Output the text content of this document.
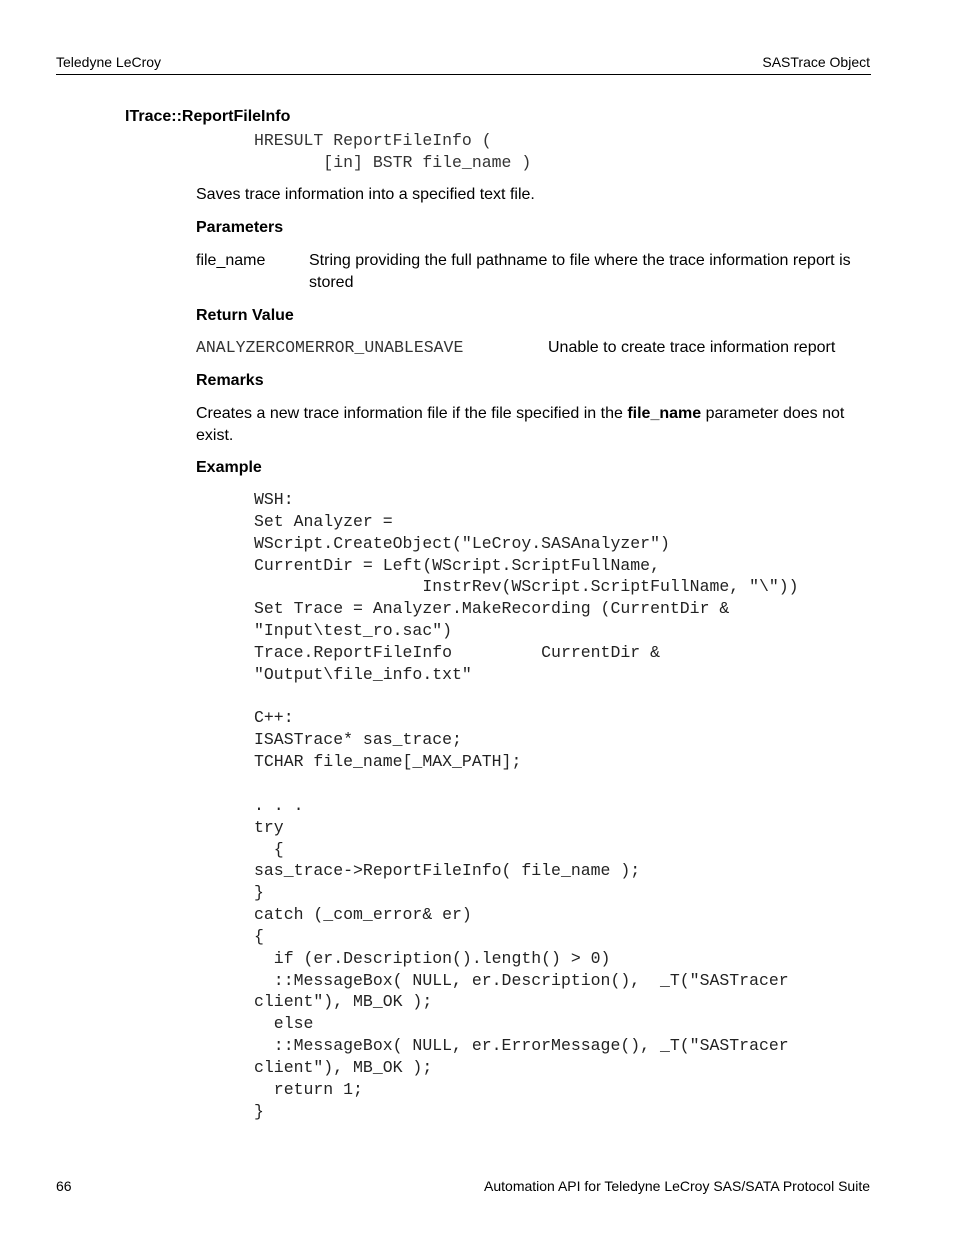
Teledyne LeCroy	SASTrace Object
ITrace::ReportFileInfo
HRESULT ReportFileInfo (
[in] BSTR file_name )
Saves trace information into a specified text file.
Parameters
file_name	String providing the full pathname to file where the trace information report is stored
Return Value
ANALYZERCOMERROR_UNABLESAVE	Unable to create trace information report
Remarks
Creates a new trace information file if the file specified in the file_name parameter does not exist.
Example
WSH:
Set Analyzer =
WScript.CreateObject("LeCroy.SASAnalyzer")
CurrentDir = Left(WScript.ScriptFullName,
InstrRev(WScript.ScriptFullName, "\"))
Set Trace = Analyzer.MakeRecording (CurrentDir &
"Input\test_ro.sac")
Trace.ReportFileInfo         CurrentDir &
"Output\file_info.txt"

C++:
ISASTrace* sas_trace;
TCHAR file_name[_MAX_PATH];

. . .
try
{
sas_trace->ReportFileInfo( file_name );
}
catch (_com_error& er)
{
if (er.Description().length() > 0)
::MessageBox( NULL, er.Description(),  _T("SASTracer
client"), MB_OK );
else
::MessageBox( NULL, er.ErrorMessage(), _T("SASTracer
client"), MB_OK );
return 1;
}
66	Automation API for Teledyne LeCroy SAS/SATA Protocol Suite
